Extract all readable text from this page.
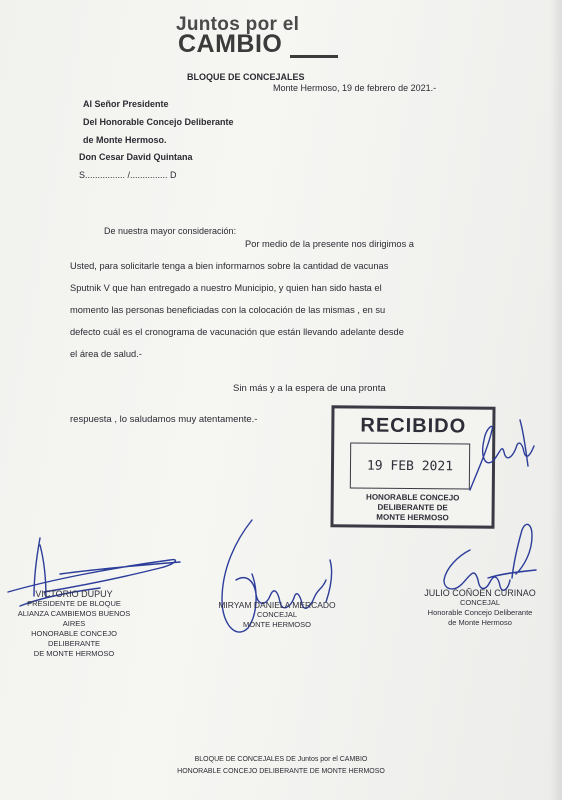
Juntos por el
CAMBIO
BLOQUE DE CONCEJALES
Monte Hermoso, 19 de febrero de 2021.-
Al Señor Presidente
Del Honorable Concejo Deliberante
de Monte Hermoso.
Don Cesar David Quintana
S................ /............... D
De nuestra mayor consideración:
Por medio de la presente nos dirigimos a
Usted, para solicitarle tenga a bien informarnos sobre la cantidad de vacunas
Sputnik V que han entregado a nuestro Municipio, y quien han sido hasta el
momento las personas beneficiadas con la colocación de las mismas , en su
defecto cuál es el cronograma de vacunación que están llevando adelante desde
el área de salud.-
Sin más y a la espera de una pronta
respuesta , lo saludamos muy atentamente.-	RECIBIDO
19 FEB 2021
HONORABLE CONCEJO
DELIBERANTE DE
MONTE HERMOSO
VICTORIO DUPUY
PRESIDENTE DE BLOQUE
ALIANZA CAMBIEMOS BUENOS AIRES
HONORABLE CONCEJO DELIBERANTE
DE MONTE HERMOSO
MIRYAM DANIELA MERCADO
CONCEJAL
MONTE HERMOSO
JULIO COÑOEN CURINAO
CONCEJAL
Honorable Concejo Deliberante
de Monte Hermoso
BLOQUE DE CONCEJALES DE Juntos por el CAMBIO
HONORABLE CONCEJO DELIBERANTE DE MONTE HERMOSO
